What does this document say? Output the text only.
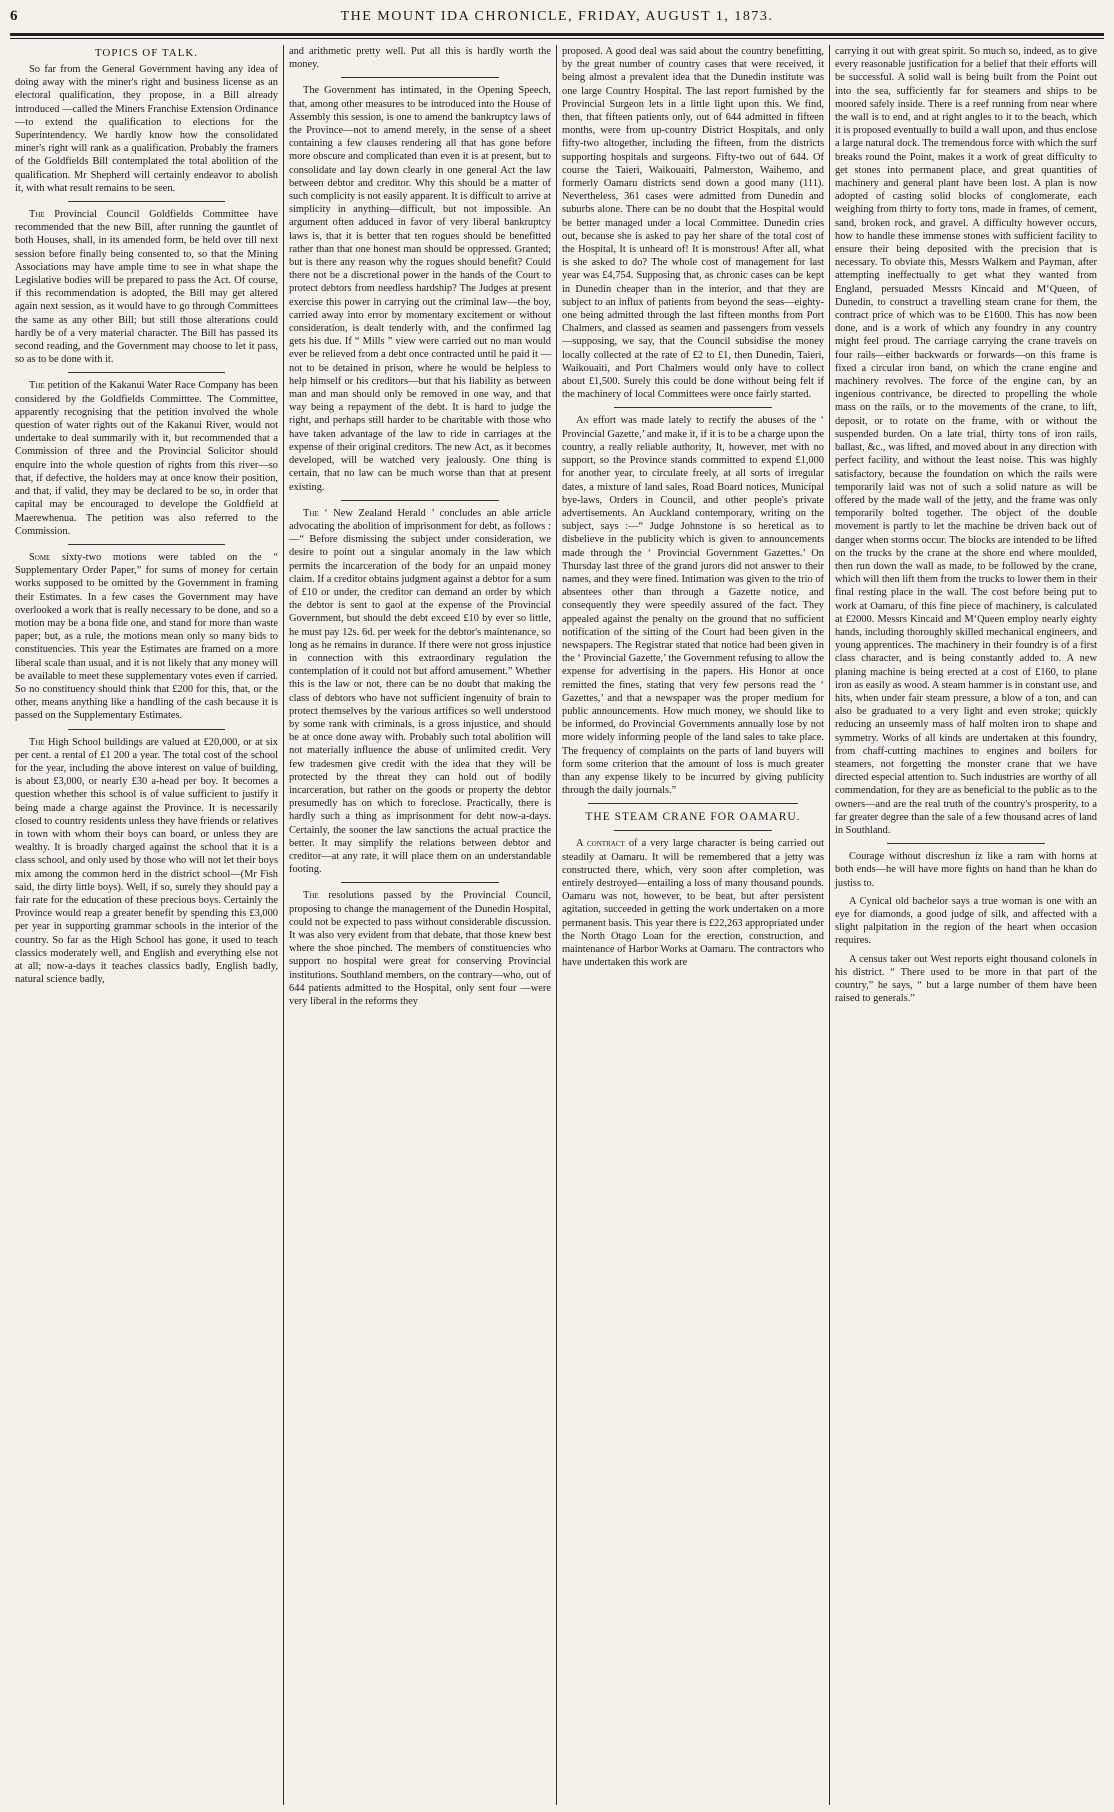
6	THE MOUNT IDA CHRONICLE, FRIDAY, AUGUST 1, 1873.
TOPICS OF TALK.

So far from the General Government having any idea of doing away with the miner's right and business license as an electoral qualification, they propose, in a Bill already introduced —called the Miners Franchise Extension Ordinance—to extend the qualification to elections for the Superintendency. We hardly know how the consolidated miner's right will rank as a qualification. Probably the framers of the Goldfields Bill contemplated the total abolition of the qualification. Mr Shepherd will certainly endeavor to abolish it, with what result remains to be seen.

The Provincial Council Goldfields Committee have recommended that the new Bill, after running the gauntlet of both Houses, shall, in its amended form, be held over till next session before finally being consented to, so that the Mining Associations may have ample time to see in what shape the Legislative bodies will be prepared to pass the Act. Of course, if this recommendation is adopted, the Bill may get altered again next session, as it would have to go through Committees the same as any other Bill; but still those alterations could hardly be of a very material character. The Bill has passed its second reading, and the Government may choose to let it pass, so as to be done with it.

The petition of the Kakanui Water Race Company has been considered by the Goldfields Committtee. The Committee, apparently recognising that the petition involved the whole question of water rights out of the Kakanui River, would not undertake to deal summarily with it, but recommended that a Commission of three and the Provincial Solicitor should enquire into the whole question of rights from this river—so that, if defective, the holders may at once know their position, and that, if valid, they may be declared to be so, in order that capital may be encouraged to develope the Goldfield at Maerewhenua. The petition was also referred to the Commission.

Some sixty-two motions were tabled on the “ Supplementary Order Paper,” for sums of money for certain works supposed to be omitted by the Government in framing their Estimates. In a few cases the Government may have overlooked a work that is really necessary to be done, and so a motion may be a bona fide one, and stand for more than waste paper; but, as a rule, the motions mean only so many bids to constituencies. This year the Estimates are framed on a more liberal scale than usual, and it is not likely that any money will be available to meet these supplementary votes even if carried. So no constituency should think that £200 for this, that, or the other, means anything like a handling of the cash because it is passed on the Supplementary Estimates.

The High School buildings are valued at £20,000, or at six per cent. a rental of £1 200 a year. The total cost of the school for the year, including the above interest on value of building, is about £3,000, or nearly £30 a-head per boy. It becomes a question whether this school is of value sufficient to justify it being made a charge against the Province. It is necessarily closed to country residents unless they have friends or relatives in town with whom their boys can board, or unless they are wealthy. It is broadly charged against the school that it is a class school, and only used by those who will not let their boys mix among the common herd in the district school—(Mr Fish said, the dirty little boys). Well, if so, surely they should pay a fair rate for the education of these precious boys. Certainly the Province would reap a greater benefit by spending this £3,000 per year in supporting grammar schools in the interior of the country. So far as the High School has gone, it used to teach classics moderately well, and English and everything else not at all; now-a-days it teaches classics badly, English badly, natural science badly,

and arithmetic pretty well. Put all this is hardly worth the money.

The Government has intimated, in the Opening Speech, that, among other measures to be introduced into the House of Assembly this session, is one to amend the bankruptcy laws of the Province—not to amend merely, in the sense of a sheet containing a few clauses rendering all that has gone before more obscure and complicated than even it is at present, but to consolidate and lay down clearly in one general Act the law between debtor and creditor. Why this should be a matter of such complicity is not easily apparent. It is difficult to arrive at simplicity in anything—difficult, but not impossible. An argument often adduced in favor of very liberal bankruptcy laws is, that it is better that ten rogues should be benefitted rather than that one honest man should be oppressed. Granted; but is there any reason why the rogues should benefit? Could there not be a discretional power in the hands of the Court to protect debtors from needless hardship? The Judges at present exercise this power in carrying out the criminal law—the boy, carried away into error by momentary excitement or without consideration, is dealt tenderly with, and the confirmed lag gets his due. If “ Mills ” view were carried out no man would ever be relieved from a debt once contracted until he paid it —not to be detained in prison, where he would be helpless to help himself or his creditors—but that his liability as between man and man should only be removed in one way, and that way being a repayment of the debt. It is hard to judge the right, and perhaps still harder to be charitable with those who have taken advantage of the law to ride in carriages at the expense of their original creditors. The new Act, as it becomes developed, will be watched very jealously. One thing is certain, that no law can be much worse than that at present existing.

The ‘ New Zealand Herald ’ concludes an able article advocating the abolition of imprisonment for debt, as follows :—“ Before dismissing the subject under consideration, we desire to point out a singular anomaly in the law which permits the incarceration of the body for an unpaid money claim. If a creditor obtains judgment against a debtor for a sum of £10 or under, the creditor can demand an order by which the debtor is sent to gaol at the expense of the Provincial Government, but should the debt exceed £10 by ever so little, he must pay 12s. 6d. per week for the debtor's maintenance, so long as he remains in durance. If there were not gross injustice in connection with this extraordinary regulation the contemplation of it could not but afford amusement.” Whether this is the law or not, there can be no doubt that making the class of debtors who have not sufficient ingenuity of brain to protect themselves by the various artifices so well understood by some rank with criminals, is a gross injustice, and should be at once done away with. Probably such total abolition will not materially influence the abuse of unlimited credit. Very few tradesmen give credit with the idea that they will be protected by the threat they can hold out of bodily incarceration, but rather on the goods or property the debtor presumedly has on which to foreclose. Practically, there is hardly such a thing as imprisonment for debt now-a-days. Certainly, the sooner the law sanctions the actual practice the better. It may simplify the relations between debtor and creditor—at any rate, it will place them on an understandable footing.

The resolutions passed by the Provincial Council, proposing to change the management of the Dunedin Hospital, could not be expected to pass without considerable discussion. It was also very evident from that debate, that those knew best where the shoe pinched. The members of constituencies who support no hospital were great for conserving Provincial institutions. Southland members, on the contrary—who, out of 644 patients admitted to the Hospital, only sent four —were very liberal in the reforms they

proposed. A good deal was said about the country benefitting, by the great number of country cases that were received, it being almost a prevalent idea that the Dunedin institute was one large Country Hospital. The last report furnished by the Provincial Surgeon lets in a little light upon this. We find, then, that fifteen patients only, out of 644 admitted in fifteen months, were from up-country District Hospitals, and only fifty-two altogether, including the fifteen, from the districts supporting hospitals and surgeons. Fifty-two out of 644. Of course the Taieri, Waikouaiti, Palmerston, Waihemo, and formerly Oamaru districts send down a good many (111). Nevertheless, 361 cases were admitted from Dunedin and suburbs alone. There can be no doubt that the Hospital would be better managed under a local Committee. Dunedin cries out, because she is asked to pay her share of the total cost of the Hospital, It is unheard of! It is monstrous! After all, what is she asked to do? The whole cost of management for last year was £4,754. Supposing that, as chronic cases can be kept in Dunedin cheaper than in the interior, and that they are subject to an influx of patients from beyond the seas—eighty-one being admitted through the last fifteen months from Port Chalmers, and classed as seamen and passengers from vessels—supposing, we say, that the Council subsidise the money locally collected at the rate of £2 to £1, then Dunedin, Taieri, Waikouaiti, and Port Chalmers would only have to collect about £1,500. Surely this could be done without being felt if the machinery of local Committees were once fairly started.

An effort was made lately to rectify the abuses of the ‘ Provincial Gazette,’ and make it, if it is to be a charge upon the country, a really reliable authority, It, however, met with no support, so the Province stands committed to expend £1,000 for another year, to circulate freely, at all sorts of irregular dates, a mixture of land sales, Road Board notices, Municipal bye-laws, Orders in Council, and other people's private advertisements. An Auckland contemporary, writing on the subject, says :—“ Judge Johnstone is so heretical as to disbelieve in the publicity which is given to announcements made through the ‘ Provincial Government Gazettes.’ On Thursday last three of the grand jurors did not answer to their names, and they were fined. Intimation was given to the trio of absentees other than through a Gazette notice, and consequently they were speedily assured of the fact. They appealed against the penalty on the ground that no sufficient notification of the sitting of the Court had been given in the newspapers. The Registrar stated that notice had been given in the ‘ Provincial Gazette,’ the Government refusing to allow the expense for advertising in the papers. His Honor at once remitted the fines, stating that very few persons read the ‘ Gazettes,’ and that a newspaper was the proper medium for public announcements. How much money, we should like to be informed, do Provincial Governments annually lose by not more widely informing people of the land sales to take place. The frequency of complaints on the parts of land buyers will form some criterion that the amount of loss is much greater than any expense likely to be incurred by giving publicity through the daily journals.”

THE STEAM CRANE FOR OAMARU.

A contract of a very large character is being carried out steadily at Oamaru. It will be remembered that a jetty was constructed there, which, very soon after completion, was entirely destroyed—entailing a loss of many thousand pounds. Oamaru was not, however, to be beat, but after persistent agitation, succeeded in getting the work undertaken on a more permanent basis. This year there is £22,263 appropriated under the North Otago Loan for the erection, construction, and maintenance of Harbor Works at Oamaru. The contractors who have undertaken this work are

carrying it out with great spirit. So much so, indeed, as to give every reasonable justification for a belief that their efforts will be successful. A solid wall is being built from the Point out into the sea, sufficiently far for steamers and ships to be moored safely inside. There is a reef running from near where the wall is to end, and at right angles to it to the beach, which it is proposed eventually to build a wall upon, and thus enclose a large natural dock. The tremendous force with which the surf breaks round the Point, makes it a work of great difficulty to get stones into permanent place, and great quantities of machinery and general plant have been lost. A plan is now adopted of casting solid blocks of conglomerate, each weighing from thirty to forty tons, made in frames, of cement, sand, broken rock, and gravel. A difficulty however occurs, how to handle these immense stones with sufficient facility to ensure their being deposited with the precision that is necessary. To obviate this, Messrs Walkem and Payman, after attempting ineffectually to get what they wanted from England, persuaded Messrs Kincaid and M‘Queen, of Dunedin, to construct a travelling steam crane for them, the contract price of which was to be £1600. This has now been done, and is a work of which any foundry in any country might feel proud. The carriage carrying the crane travels on four rails—either backwards or forwards—on this frame is fixed a circular iron band, on which the crane engine and machinery revolves. The force of the engine can, by an ingenious contrivance, be directed to propelling the whole mass on the rails, or to the movements of the crane, to lift, deposit, or to rotate on the frame, with or without the suspended burden. On a late trial, thirty tons of iron rails, ballast, &c., was lifted, and moved about in any direction with perfect facility, and without the least noise. This was highly satisfactory, because the foundation on which the rails were temporarily laid was not of such a solid nature as will be offered by the made wall of the jetty, and the frame was only temporarily bolted together. The object of the double movement is partly to let the machine be driven back out of danger when storms occur. The blocks are intended to be lifted on the trucks by the crane at the shore end where moulded, then run down the wall as made, to be followed by the crane, which will then lift them from the trucks to lower them in their final resting place in the wall. The cost before being put to work at Oamaru, of this fine piece of machinery, is calculated at £2000. Messrs Kincaid and M‘Queen employ nearly eighty hands, including thoroughly skilled mechanical engineers, and young apprentices. The machinery in their foundry is of a first class character, and is being constantly added to. A new planing machine is being erected at a cost of £160, to plane iron as easily as wood. A steam hammer is in constant use, and hits, when under fair steam pressure, a blow of a ton, and can also be graduated to a very light and even stroke; quickly reducing an unseemly mass of half molten iron to shape and symmetry. Works of all kinds are undertaken at this foundry, from chaff-cutting machines to engines and boilers for steamers, not forgetting the monster crane that we have directed especial attention to. Such industries are worthy of all commendation, for they are as beneficial to the public as to the owners—and are the real truth of the country's prosperity, to a far greater degree than the sale of a few thousand acres of land in Southland.

Courage without discreshun iz like a ram with horns at both ends—he will have more fights on hand than he khan do justiss to.

A Cynical old bachelor says a true woman is one with an eye for diamonds, a good judge of silk, and affected with a slight palpitation in the region of the heart when occasion requires.

A census taker out West reports eight thousand colonels in his district. “ There used to be more in that part of the country,” he says, “ but a large number of them have been raised to generals.”
